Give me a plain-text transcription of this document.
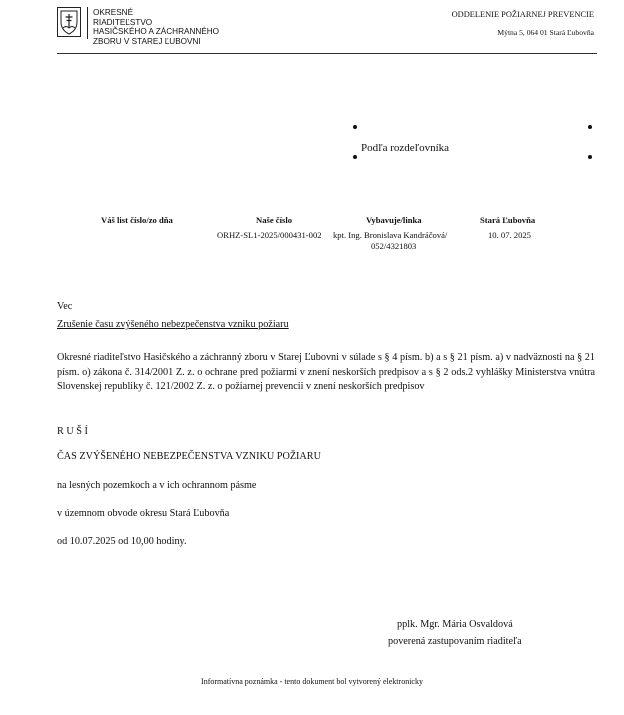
OKRESNÉ
RIADITEĽSTVO
HASIČSKÉHO A ZÁCHRANNÉHO
ZBORU V STAREJ ĽUBOVNI
ODDELENIE POŽIARNEJ PREVENCIE
Mýtna 5, 064 01 Stará Ľubovňa
Podľa rozdeľovníka
Váš list číslo/zo dňa	Naše číslo
ORHZ-SL1-2025/000431-002
Vybavuje/linka
kpt. Ing. Bronislava Kandráčová/
052/4321803
Stará Ľubovňa
10. 07. 2025
Vec
Zrušenie času zvýšeného nebezpečenstva vzniku požiaru
Okresné riaditeľstvo Hasičského a záchranný zboru v Starej Ľubovni v súlade s § 4 písm. b) a s § 21 písm. a) v nadväznosti na § 21 písm. o) zákona č. 314/2001 Z. z. o ochrane pred požiarmi v znení neskorších predpisov a s § 2 ods.2 vyhlášky Ministerstva vnútra Slovenskej republiky č. 121/2002 Z. z. o požiarnej prevencii v znení neskorších predpisov
R U Š Í
ČAS ZVÝŠENÉHO NEBEZPEČENSTVA VZNIKU POŽIARU
na lesných pozemkoch a v ich ochrannom pásme
v územnom obvode okresu Stará Ľubovňa
od 10.07.2025 od 10,00 hodiny.
pplk. Mgr. Mária Osvaldová
poverená zastupovaním riaditeľa
Informatívna poznámka - tento dokument bol vytvorený elektronicky
